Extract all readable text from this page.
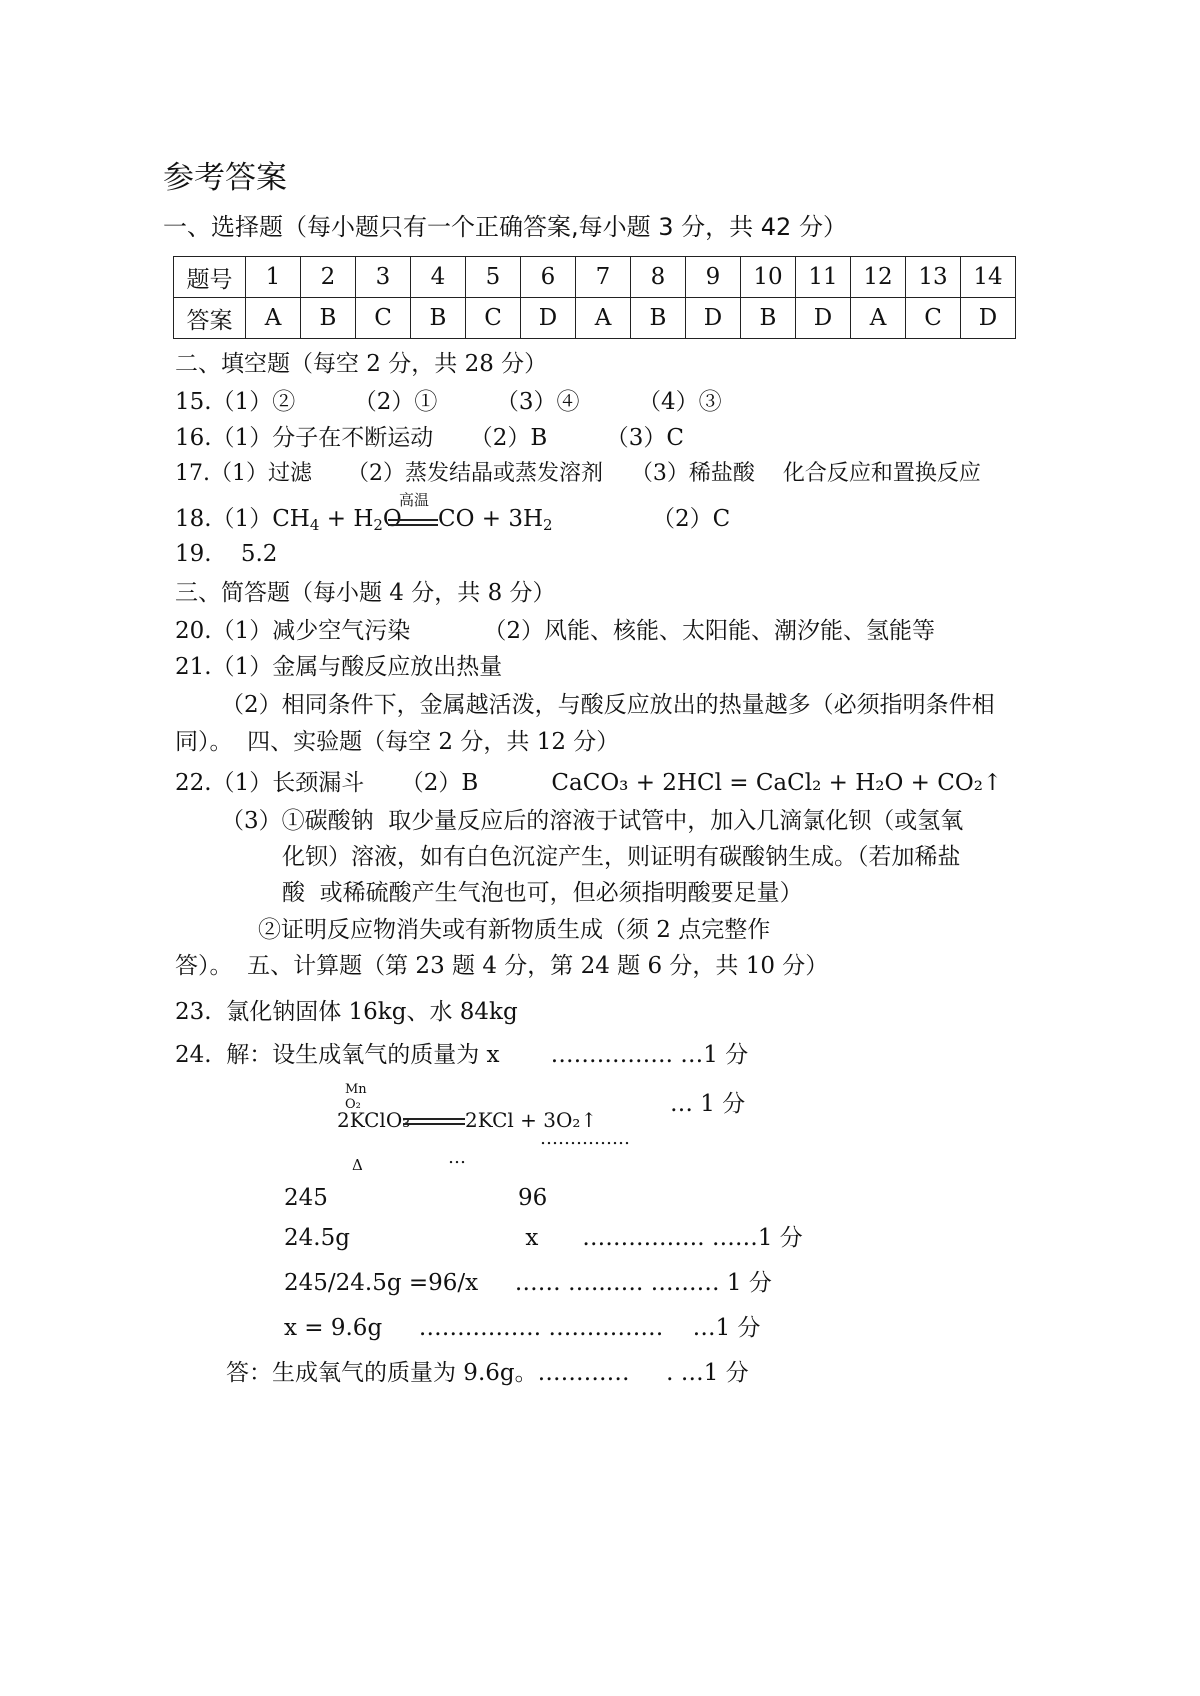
参考答案
一、选择题（每小题只有一个正确答案,每小题 3 分，共 42 分）
题号	1	2	3	4	5	6	7	8	9	10	11	12	13	14
答案	A	B	C	B	C	D	A	B	D	B	D	A	C	D
二、填空题（每空 2 分，共 28 分）
15.（1）②        （2）①        （3）④        （4）③
16.（1）分子在不断运动     （2）B        （3）C
17.（1）过滤     （2）蒸发结晶或蒸发溶剂    （3）稀盐酸    化合反应和置换反应
$18.(1)CH_4 + H_2O$
高温
CO + $3H_2$	（2）C
19.    5.2
三、简答题（每小题 4 分，共 8 分）
20.（1）减少空气污染          （2）风能、核能、太阳能、潮汐能、氢能等
21.（1）金属与酸反应放出热量
（2）相同条件下，金属越活泼，与酸反应放出的热量越多（必须指明条件相
同）。  四、实验题（每空 2 分，共 12 分）
22.（1）长颈漏斗     （2）B          CaCO₃ + 2HCl = CaCl₂ + H₂O + CO₂↑
（3）①碳酸钠  取少量反应后的溶液于试管中，加入几滴氯化钡（或氢氧
化钡）溶液，如有白色沉淀产生，则证明有碳酸钠生成。（若加稀盐
酸  或稀硫酸产生气泡也可，但必须指明酸要足量）
②证明反应物消失或有新物质生成（须 2 点完整作
答）。  五、计算题（第 23 题 4 分，第 24 题 6 分，共 10 分）
23.  氯化钠固体 16kg、水 84kg
24.  解：设生成氧气的质量为 x       ……………. …1 分
Mn
O₂
2KClO₃	2KCl + 3O₂↑
… 1 分
……………
…
Δ
245                          96
24.5g                        x      ……………. ……1 分
245/24.5g =96/x     …… …...…. ……… 1 分
x = 9.6g     ……………. ……………    …1 分
答：生成氧气的质量为 9.6g。…………     . …1 分
